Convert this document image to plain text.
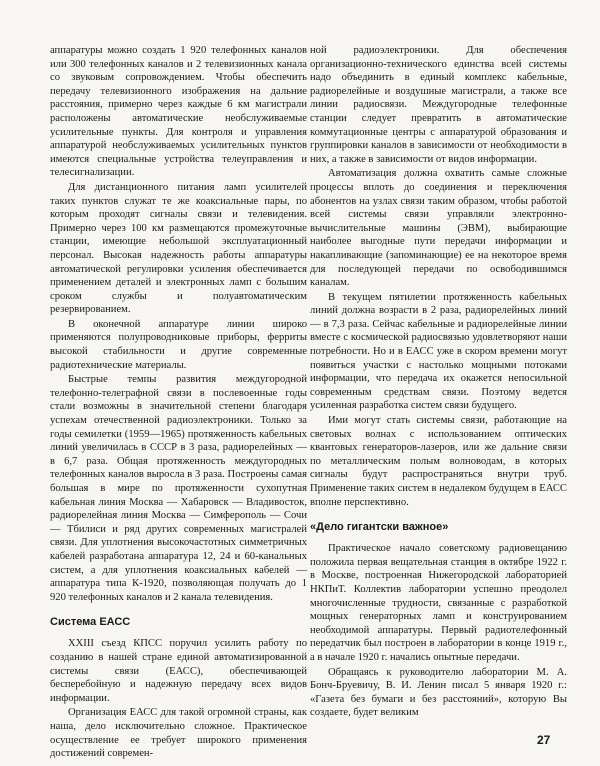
аппаратуры можно создать 1 920 телефонных каналов или 300 телефонных каналов и 2 телевизионных канала со звуковым сопровождением. Чтобы обеспечить передачу телевизионного изображения на дальние расстояния, примерно через каждые 6 км магистрали расположены автоматические необслуживаемые усилительные пункты. Для контроля и управления аппаратурой необслуживаемых усилительных пунктов имеются специальные устройства телеуправления и телесигнализации.

Для дистанционного питания ламп усилителей таких пунктов служат те же коаксиальные пары, по которым проходят сигналы связи и телевидения. Примерно через 100 км размещаются промежуточные станции, имеющие небольшой эксплуатационный персонал. Высокая надежность работы аппаратуры автоматической регулировки усиления обеспечивается применением деталей и электронных ламп с большим сроком службы и полуавтоматическим резервированием.

В оконечной аппаратуре линии широко применяются полупроводниковые приборы, ферриты высокой стабильности и другие современные радиотехнические материалы.

Быстрые темпы развития междугородной телефонно-телеграфной связи в послевоенные годы стали возможны в значительной степени благодаря успехам отечественной радиоэлектроники. Только за годы семилетки (1959—1965) протяженность кабельных линий увеличилась в СССР в 3 раза, радиорелейных — в 6,7 раза. Общая протяженность междугородных телефонных каналов выросла в 3 раза. Построены самая большая в мире по протяженности сухопутная кабельная линия Москва — Хабаровск — Владивосток, радиорелейная линия Москва — Симферополь — Сочи — Тбилиси и ряд других современных магистралей связи. Для уплотнения высокочастотных симметричных кабелей разработана аппаратура 12, 24 и 60-канальных систем, а для уплотнения коаксиальных кабелей — аппаратура типа К-1920, позволяющая получать до 1 920 телефонных каналов и 2 канала телевидения.

Система ЕАСС

XXIII съезд КПСС поручил усилить работу по созданию в нашей стране единой автоматизированной системы связи (ЕАСС), обеспечивающей бесперебойную и надежную передачу всех видов информации.

Организация ЕАСС для такой огромной страны, как наша, дело исключительно сложное. Практическое осуществление ее требует широкого применения достижений современ-

ной радиоэлектроники. Для обеспечения организационно-технического единства всей системы надо объединить в единый комплекс кабельные, радиорелейные и воздушные магистрали, а также все линии радиосвязи. Междугородные телефонные станции следует превратить в автоматические коммутационные центры с аппаратурой образования и группировки каналов в зависимости от необходимости в них, а также в зависимости от видов информации.

Автоматизация должна охватить самые сложные процессы вплоть до соединения и переключения абонентов на узлах связи таким образом, чтобы работой всей системы связи управляли электронно-вычислительные машины (ЭВМ), выбирающие наиболее выгодные пути передачи информации и накапливающие (запоминающие) ее на некоторое время для последующей передачи по освободившимся каналам.

В текущем пятилетии протяженность кабельных линий должна возрасти в 2 раза, радиорелейных линий — в 7,3 раза. Сейчас кабельные и радиорелейные линии вместе с космической радиосвязью удовлетворяют наши потребности. Но и в ЕАСС уже в скором времени могут появиться участки с настолько мощными потоками информации, что передача их окажется непосильной современным средствам связи. Поэтому ведется усиленная разработка систем связи будущего.

Ими могут стать системы связи, работающие на световых волнах с использованием оптических квантовых генераторов-лазеров, или же дальние связи по металлическим полым волноводам, в которых сигналы будут распространяться внутри труб. Применение таких систем в недалеком будущем в ЕАСС вполне перспективно.

«Дело гигантски важное»

Практическое начало советскому радиовещанию положила первая вещательная станция в октябре 1922 г. в Москве, построенная Нижегородской лабораторией НКПиТ. Коллектив лаборатории успешно преодолел многочисленные трудности, связанные с разработкой мощных генераторных ламп и конструированием необходимой аппаратуры. Первый радиотелефонный передатчик был построен в лаборатории в конце 1919 г., а в начале 1920 г. начались опытные передачи.

Обращаясь к руководителю лаборатории М. А. Бонч-Бруевичу, В. И. Ленин писал 5 января 1920 г.: «Газета без бумаги и без расстояний», которую Вы создаете, будет великим

27
